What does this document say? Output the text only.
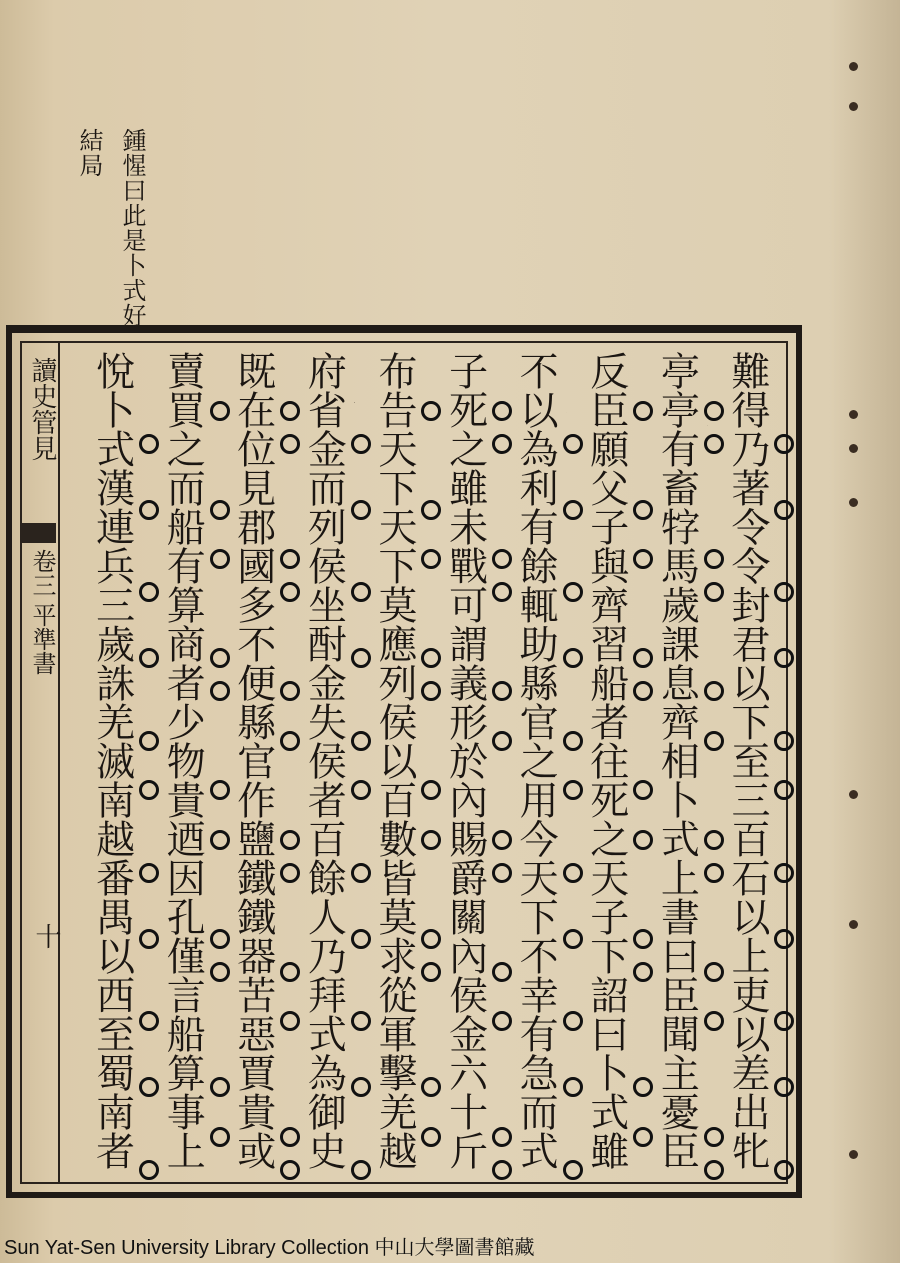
鍾惺曰此是卜式好
結局
讀史管見
卷三
平準書
十
難得乃著令令封君以下至三百石以上吏以差出牝
亭亭有畜牸馬歲課息齊相卜式上書曰臣聞主憂臣
反臣願父子與齊習船者往死之天子下詔曰卜式雖
不以為利有餘輒助縣官之用今天下不幸有急而式
子死之雖未戰可謂義形於內賜爵關內侯金六十斤
布告天下天下莫應列侯以百數皆莫求從軍擊羌越
府省金而列侯坐酎金失侯者百餘人乃拜式為御史
既在位見郡國多不便縣官作鹽鐵鐵器苦惡賈貴或
賣買之而船有算商者少物貴迺因孔僅言船算事上
悅卜式漢連兵三歲誅羌滅南越番禺以西至蜀南者
Sun Yat-Sen University Library Collection 中山大學圖書館藏
